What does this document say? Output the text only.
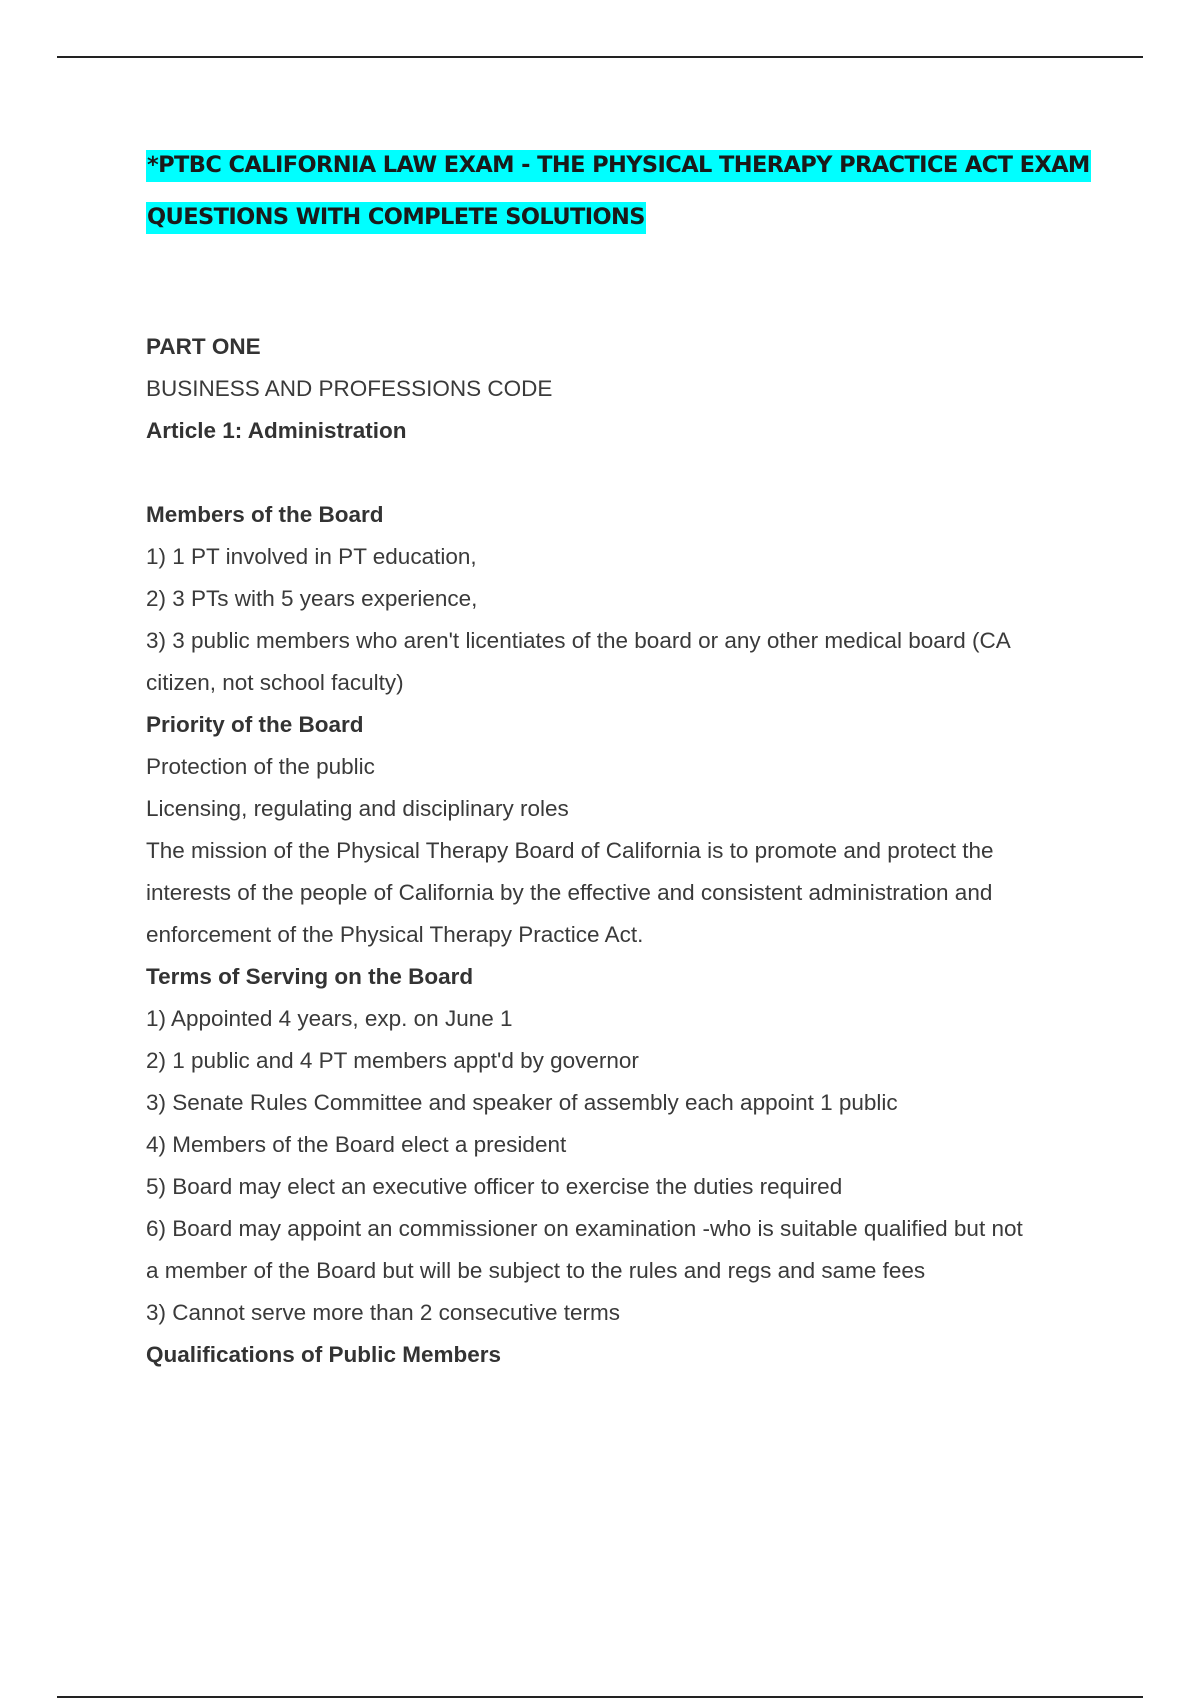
*PTBC CALIFORNIA LAW EXAM - THE PHYSICAL THERAPY PRACTICE ACT EXAM
QUESTIONS WITH COMPLETE SOLUTIONS
PART ONE
BUSINESS AND PROFESSIONS CODE
Article 1: Administration
Members of the Board
1) 1 PT involved in PT education,
2) 3 PTs with 5 years experience,
3) 3 public members who aren't licentiates of the board or any other medical board (CA
citizen, not school faculty)
Priority of the Board
Protection of the public
Licensing, regulating and disciplinary roles
The mission of the Physical Therapy Board of California is to promote and protect the
interests of the people of California by the effective and consistent administration and
enforcement of the Physical Therapy Practice Act.
Terms of Serving on the Board
1) Appointed 4 years, exp. on June 1
2) 1 public and 4 PT members appt'd by governor
3) Senate Rules Committee and speaker of assembly each appoint 1 public
4) Members of the Board elect a president
5) Board may elect an executive officer to exercise the duties required
6) Board may appoint an commissioner on examination -who is suitable qualified but not
a member of the Board but will be subject to the rules and regs and same fees
3) Cannot serve more than 2 consecutive terms
Qualifications of Public Members
